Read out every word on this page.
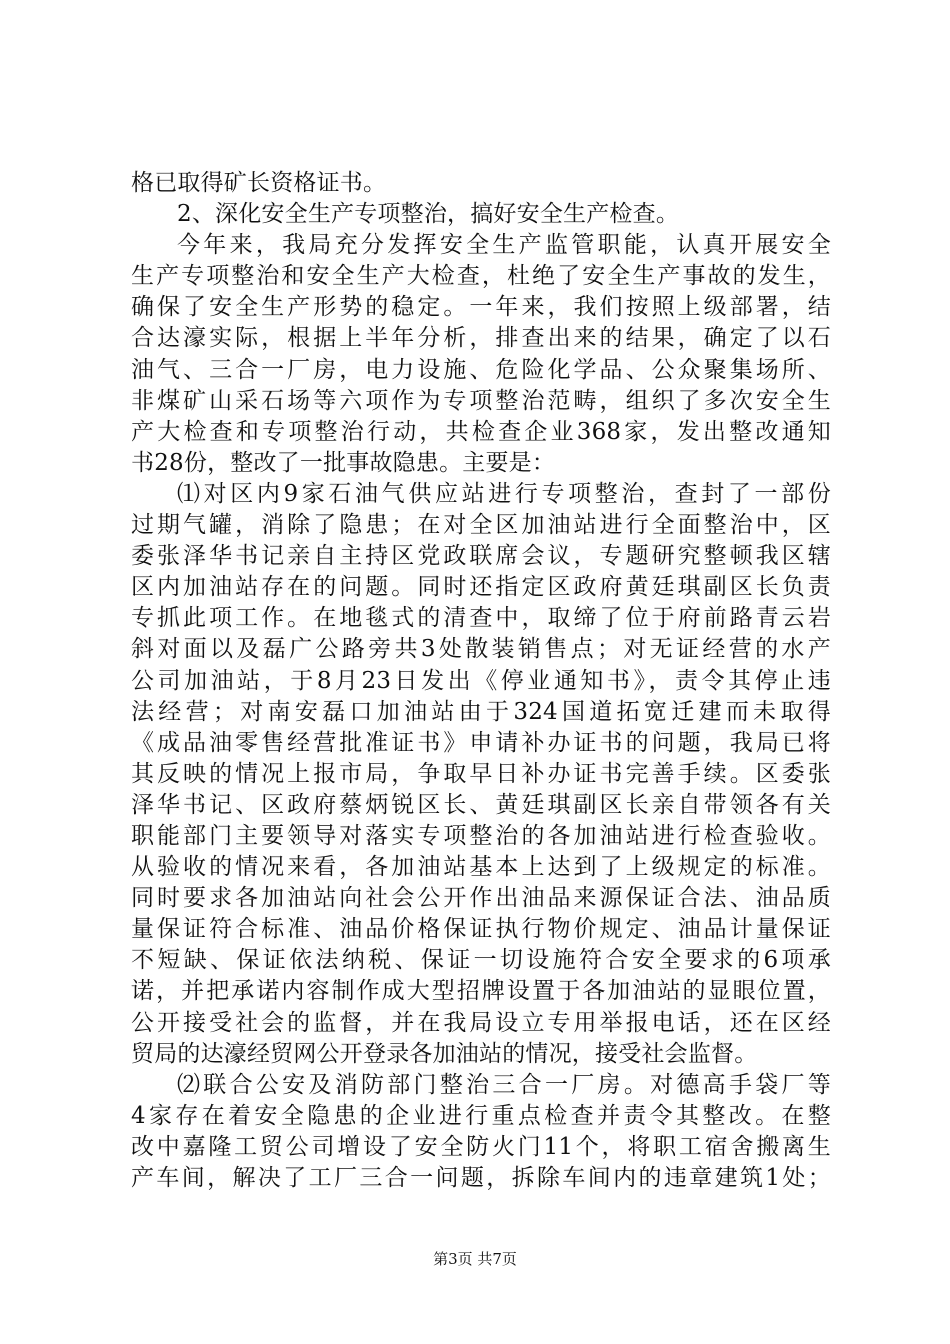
格已取得矿长资格证书。
2、深化安全生产专项整治，搞好安全生产检查。
今年来，我局充分发挥安全生产监管职能，认真开展安全
生产专项整治和安全生产大检查，杜绝了安全生产事故的发生，
确保了安全生产形势的稳定。一年来，我们按照上级部署，结
合达濠实际，根据上半年分析，排查出来的结果，确定了以石
油气、三合一厂房，电力设施、危险化学品、公众聚集场所、
非煤矿山采石场等六项作为专项整治范畴，组织了多次安全生
产大检查和专项整治行动，共检查企业368家，发出整改通知
书28份，整改了一批事故隐患。主要是：
⑴对区内9家石油气供应站进行专项整治，查封了一部份
过期气罐，消除了隐患；在对全区加油站进行全面整治中，区
委张泽华书记亲自主持区党政联席会议，专题研究整顿我区辖
区内加油站存在的问题。同时还指定区政府黄廷琪副区长负责
专抓此项工作。在地毯式的清查中，取缔了位于府前路青云岩
斜对面以及磊广公路旁共3处散装销售点；对无证经营的水产
公司加油站，于8月23日发出《停业通知书》，责令其停止违
法经营；对南安磊口加油站由于324国道拓宽迁建而未取得
《成品油零售经营批准证书》申请补办证书的问题，我局已将
其反映的情况上报市局，争取早日补办证书完善手续。区委张
泽华书记、区政府蔡炳锐区长、黄廷琪副区长亲自带领各有关
职能部门主要领导对落实专项整治的各加油站进行检查验收。
从验收的情况来看，各加油站基本上达到了上级规定的标准。
同时要求各加油站向社会公开作出油品来源保证合法、油品质
量保证符合标准、油品价格保证执行物价规定、油品计量保证
不短缺、保证依法纳税、保证一切设施符合安全要求的6项承
诺，并把承诺内容制作成大型招牌设置于各加油站的显眼位置，
公开接受社会的监督，并在我局设立专用举报电话，还在区经
贸局的达濠经贸网公开登录各加油站的情况，接受社会监督。
⑵联合公安及消防部门整治三合一厂房。对德高手袋厂等
4家存在着安全隐患的企业进行重点检查并责令其整改。在整
改中嘉隆工贸公司增设了安全防火门11个，将职工宿舍搬离生
产车间，解决了工厂三合一问题，拆除车间内的违章建筑1处；
第3页 共7页
